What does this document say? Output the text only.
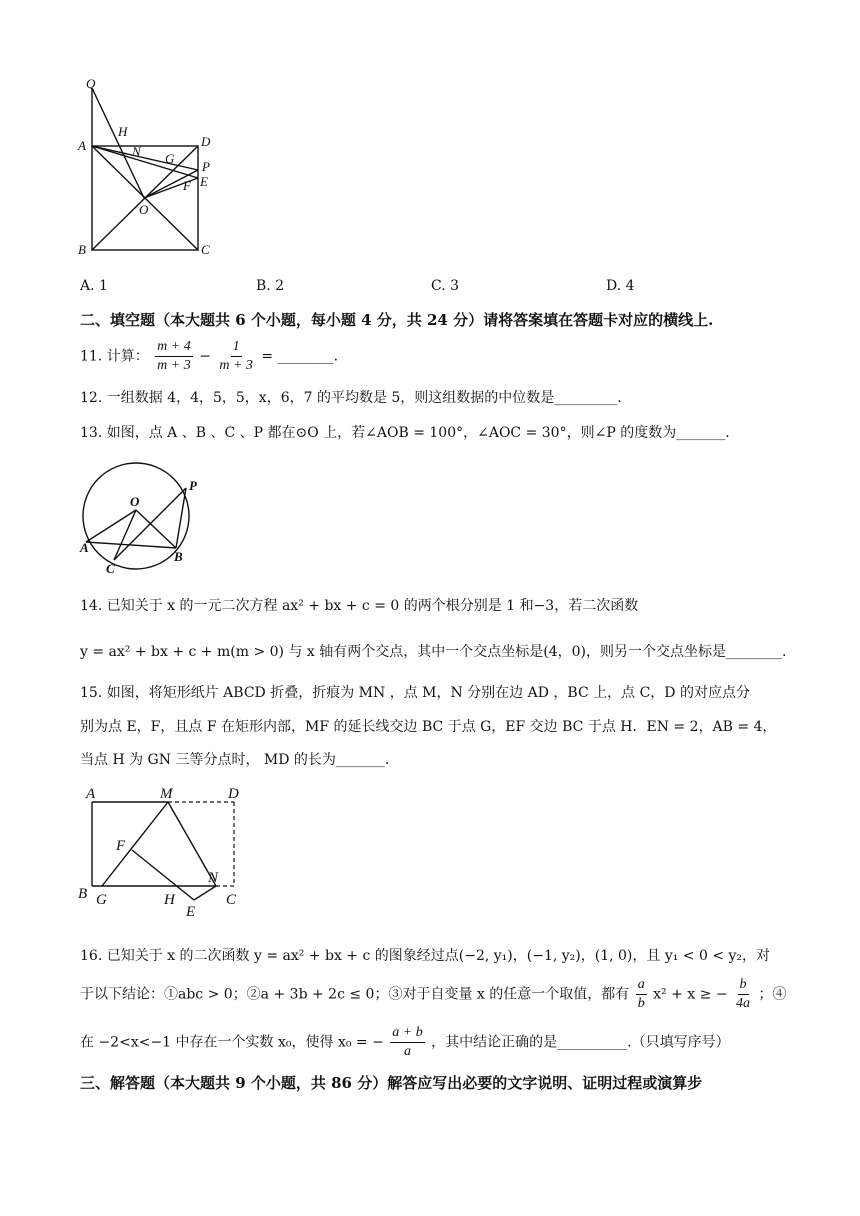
Q
H
D
A	N G
P
E
F
O
B	C
A. 1	B. 2	C. 3	D. 4
二、填空题（本大题共 6 个小题，每小题 4 分，共 24 分）请将答案填在答题卡对应的横线上.
11. 计算： $\frac{m + 4}{m + 3} - \frac{1}{m + 3}$ = ________.
12. 一组数据 4，4，5，5，x，6，7 的平均数是 5，则这组数据的中位数是_________.
13. 如图，点 A 、B 、C 、P 都在⊙O 上，若∠AOB = 100°，∠AOC = 30°，则∠P 的度数为_______.
O
P
A
B
C
14. 已知关于 x 的一元二次方程 ax² + bx + c = 0 的两个根分别是 1 和−3，若二次函数
y = ax² + bx + c + m(m > 0) 与 x 轴有两个交点，其中一个交点坐标是(4，0)，则另一个交点坐标是________.
15. 如图，将矩形纸片 ABCD 折叠，折痕为 MN ，点 M，N 分别在边 AD ，BC 上，点 C，D 的对应点分
别为点 E，F，且点 F 在矩形内部，MF 的延长线交边 BC 于点 G，EF 交边 BC 于点 H．EN = 2，AB = 4，
当点 H 为 GN 三等分点时， MD 的长为_______.
A	M	D
F
N
B G	H
E
C
16. 已知关于 x 的二次函数 y = ax² + bx + c 的图象经过点(−2, y₁)，(−1, y₂)，(1, 0)，且 y₁ < 0 < y₂，对
于以下结论：①abc > 0；②a + 3b + 2c ≤ 0；③对于自变量 x 的任意一个取值，都有 $\frac{a}{b} x^2 + x$ ≥ − $\frac{b}{4a}$ ；④
在 −2<x<−1 中存在一个实数 x₀，使得 x₀ = − $\frac{a + b}{a}$ ，其中结论正确的是__________.（只填写序号）
三、解答题（本大题共 9 个小题，共 86 分）解答应写出必要的文字说明、证明过程或演算步
